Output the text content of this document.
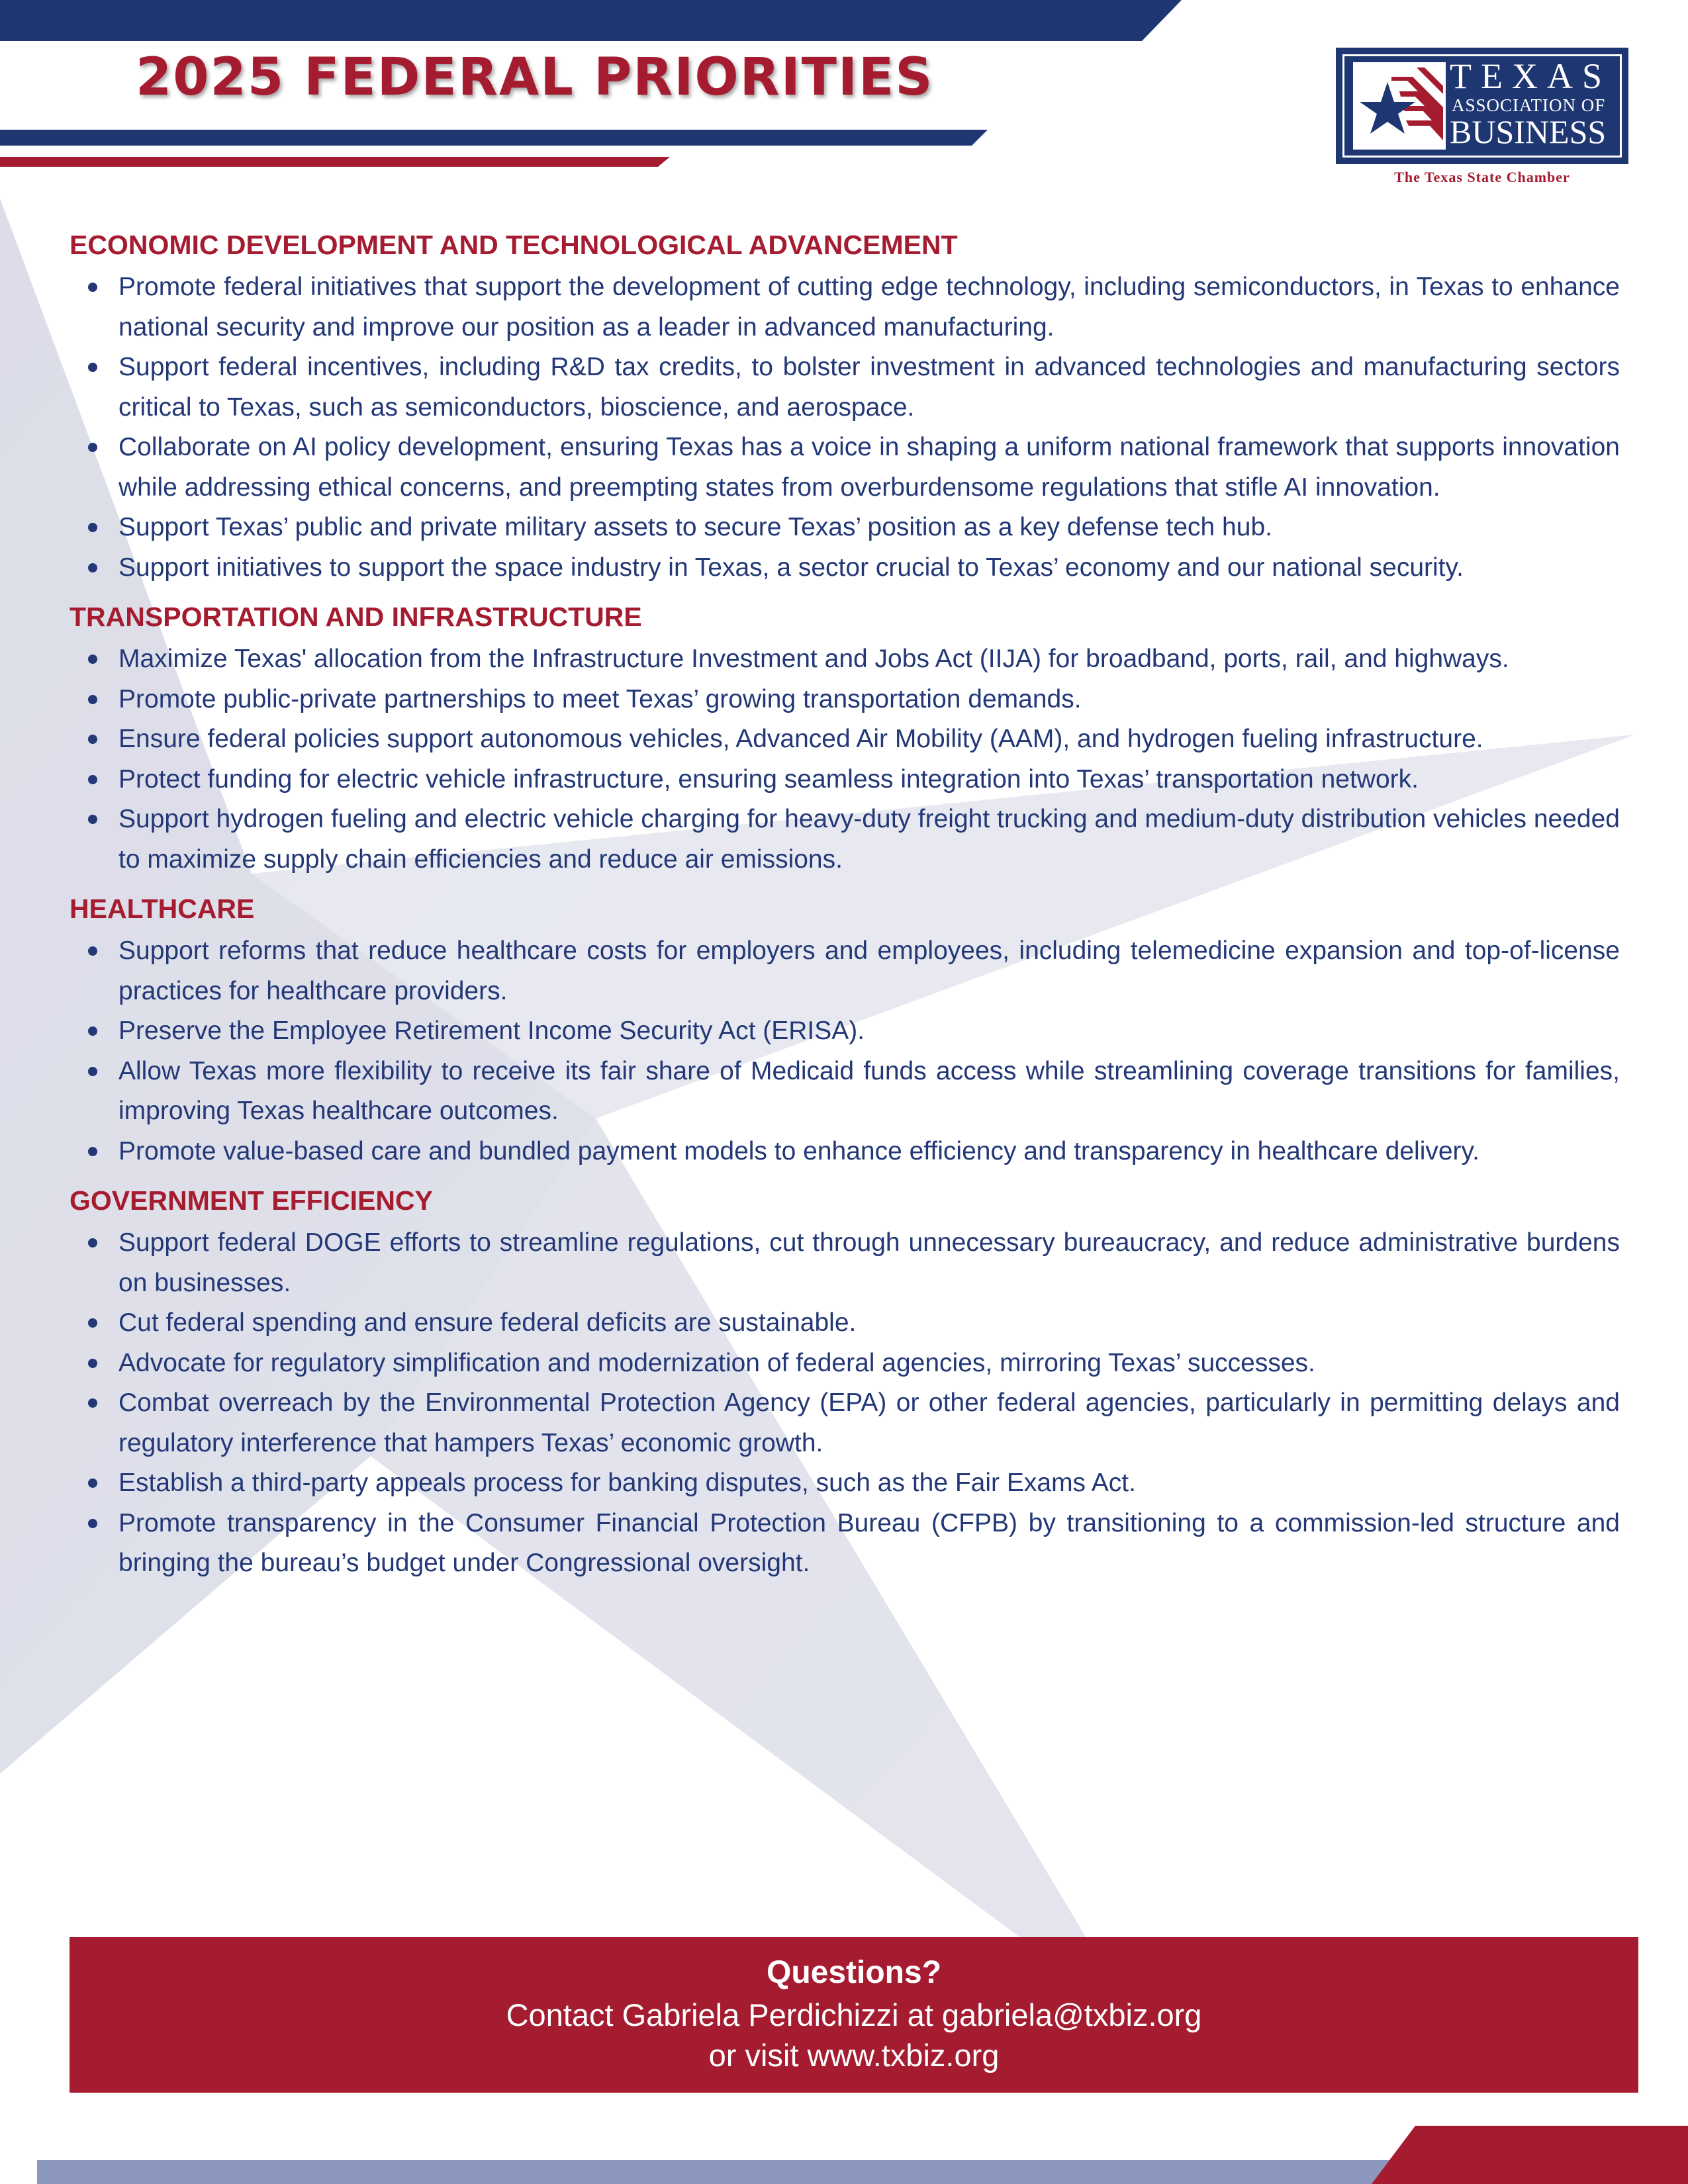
2025 FEDERAL PRIORITIES	TEXAS
ASSOCIATION OF
BUSINESS
The Texas State Chamber
ECONOMIC DEVELOPMENT AND TECHNOLOGICAL ADVANCEMENT
Promote federal initiatives that support the development of cutting edge technology, including semiconductors, in Texas to enhance national security and improve our position as a leader in advanced manufacturing.
Support federal incentives, including R&D tax credits, to bolster investment in advanced technologies and manufacturing sectors critical to Texas, such as semiconductors, bioscience, and aerospace.
Collaborate on AI policy development, ensuring Texas has a voice in shaping a uniform national framework that supports innovation while addressing ethical concerns, and preempting states from overburdensome regulations that stifle AI innovation.
Support Texas’ public and private military assets to secure Texas’ position as a key defense tech hub.
Support initiatives to support the space industry in Texas, a sector crucial to Texas’ economy and our national security.
TRANSPORTATION AND INFRASTRUCTURE
Maximize Texas' allocation from the Infrastructure Investment and Jobs Act (IIJA) for broadband, ports, rail, and highways.
Promote public-private partnerships to meet Texas’ growing transportation demands.
Ensure federal policies support autonomous vehicles, Advanced Air Mobility (AAM), and hydrogen fueling infrastructure.
Protect funding for electric vehicle infrastructure, ensuring seamless integration into Texas’ transportation network.
Support hydrogen fueling and electric vehicle charging for heavy-duty freight trucking and medium-duty distribution vehicles needed to maximize supply chain efficiencies and reduce air emissions.
HEALTHCARE
Support reforms that reduce healthcare costs for employers and employees, including telemedicine expansion and top-of-license practices for healthcare providers.
Preserve the Employee Retirement Income Security Act (ERISA).
Allow Texas more flexibility to receive its fair share of Medicaid funds access while streamlining coverage transitions for families, improving Texas healthcare outcomes.
Promote value-based care and bundled payment models to enhance efficiency and transparency in healthcare delivery.
GOVERNMENT EFFICIENCY
Support federal DOGE efforts to streamline regulations, cut through unnecessary bureaucracy, and reduce administrative burdens on businesses.
Cut federal spending and ensure federal deficits are sustainable.
Advocate for regulatory simplification and modernization of federal agencies, mirroring Texas’ successes.
Combat overreach by the Environmental Protection Agency (EPA) or other federal agencies, particularly in permitting delays and regulatory interference that hampers Texas’ economic growth.
Establish a third-party appeals process for banking disputes, such as the Fair Exams Act.
Promote transparency in the Consumer Financial Protection Bureau (CFPB) by transitioning to a commission-led structure and bringing the bureau’s budget under Congressional oversight.
Questions?
Contact Gabriela Perdichizzi at gabriela@txbiz.org
or visit www.txbiz.org
